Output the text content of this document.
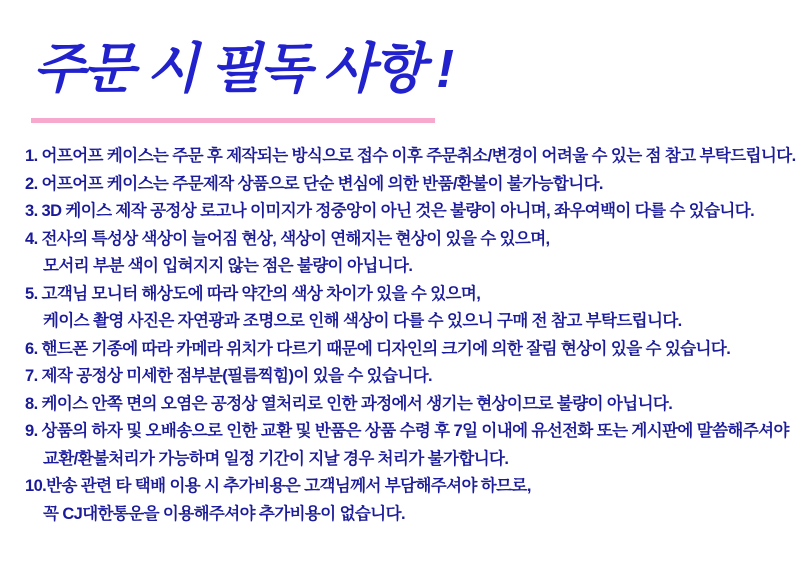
주문 시 필독 사항 !
1. 어프어프 케이스는 주문 후 제작되는 방식으로 접수 이후 주문취소/변경이 어려울 수 있는 점 참고 부탁드립니다.
2. 어프어프 케이스는 주문제작 상품으로 단순 변심에 의한 반품/환불이 불가능합니다.
3. 3D 케이스 제작 공정상 로고나 이미지가 정중앙이 아닌 것은 불량이 아니며, 좌우여백이 다를 수 있습니다.
4. 전사의 특성상 색상이 늘어짐 현상, 색상이 연해지는 현상이 있을 수 있으며,
모서리 부분 색이 입혀지지 않는 점은 불량이 아닙니다.
5. 고객님 모니터 해상도에 따라 약간의 색상 차이가 있을 수 있으며,
케이스 촬영 사진은 자연광과 조명으로 인해 색상이 다를 수 있으니 구매 전 참고 부탁드립니다.
6. 핸드폰 기종에 따라 카메라 위치가 다르기 때문에 디자인의 크기에 의한 잘림 현상이 있을 수 있습니다.
7. 제작 공정상 미세한 점부분(필름찍힘)이 있을 수 있습니다.
8. 케이스 안쪽 면의 오염은 공정상 열처리로 인한 과정에서 생기는 현상이므로 불량이 아닙니다.
9. 상품의 하자 및 오배송으로 인한 교환 및 반품은 상품 수령 후 7일 이내에 유선전화 또는 게시판에 말씀해주셔야
교환/환불처리가 가능하며 일정 기간이 지날 경우 처리가 불가합니다.
10.반송 관련 타 택배 이용 시 추가비용은 고객님께서 부담해주셔야 하므로,
꼭 CJ대한통운을 이용해주셔야 추가비용이 없습니다.
